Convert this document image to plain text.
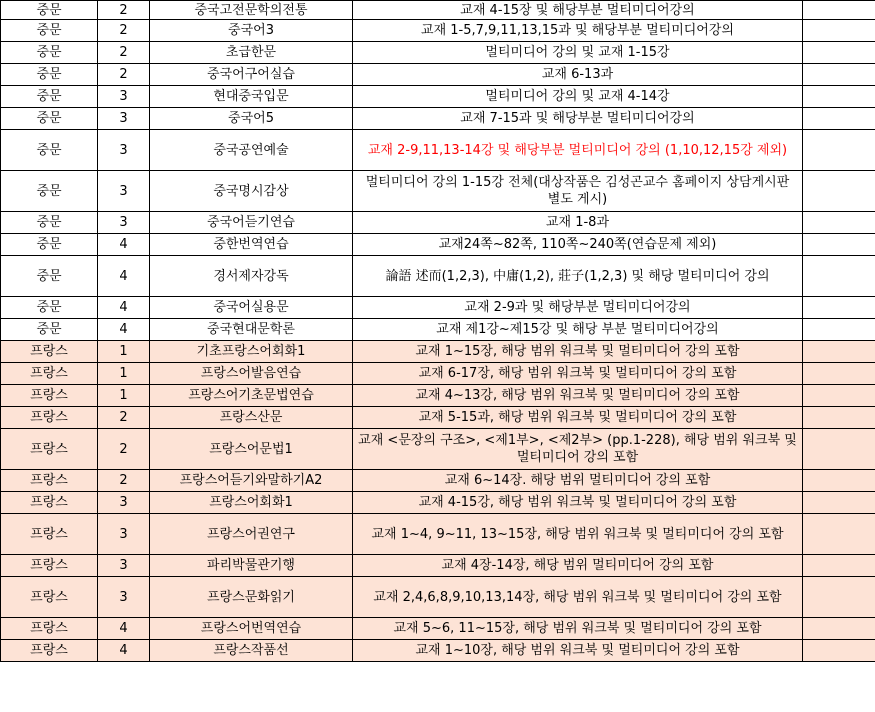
중문	2	중국고전문학의전통	교재 4-15장 및 해당부분 멀티미디어강의	
중문	2	중국어3	교재 1-5,7,9,11,13,15과 및 해당부분 멀티미디어강의	
중문	2	초급한문	멀티미디어 강의 및 교재 1-15강	
중문	2	중국어구어실습	교재 6-13과	
중문	3	현대중국입문	멀티미디어 강의 및 교재 4-14강	
중문	3	중국어5	교재 7-15과 및 해당부분 멀티미디어강의	
중문	3	중국공연예술	교재 2-9,11,13-14강 및 해당부분 멀티미디어 강의 (1,10,12,15강 제외)	
중문	3	중국명시감상	멀티미디어 강의 1-15강 전체(대상작품은 김성곤교수 홈페이지 상담게시판 별도 게시)	
중문	3	중국어듣기연습	교재 1-8과	
중문	4	중한번역연습	교재24쪽~82쪽, 110쪽~240쪽(연습문제 제외)	
중문	4	경서제자강독	論語 述而(1,2,3), 中庸(1,2), 莊子(1,2,3) 및 해당 멀티미디어 강의	
중문	4	중국어실용문	교재 2-9과 및 해당부분 멀티미디어강의	
중문	4	중국현대문학론	교재 제1강~제15강 및 해당 부분 멀티미디어강의	
프랑스	1	기초프랑스어회화1	교재 1~15장, 해당 범위 워크북 및 멀티미디어 강의 포함	
프랑스	1	프랑스어발음연습	교재 6-17장, 해당 범위 워크북 및 멀티미디어 강의 포함	
프랑스	1	프랑스어기초문법연습	교재 4~13강, 해당 범위 워크북 및 멀티미디어 강의 포함	
프랑스	2	프랑스산문	교재 5-15과, 해당 범위 워크북 및 멀티미디어 강의 포함	
프랑스	2	프랑스어문법1	교재 <문장의 구조>, <제1부>, <제2부> (pp.1-228), 해당 범위 워크북 및 멀티미디어 강의 포함	
프랑스	2	프랑스어듣기와말하기A2	교재 6~14장. 해당 범위 멀티미디어 강의 포함	
프랑스	3	프랑스어회화1	교재 4-15강, 해당 범위 워크북 및 멀티미디어 강의 포함	
프랑스	3	프랑스어권연구	교재 1~4, 9~11, 13~15장, 해당 범위 워크북 및 멀티미디어 강의 포함	
프랑스	3	파리박물관기행	교재 4장-14장, 해당 범위 멀티미디어 강의 포함	
프랑스	3	프랑스문화읽기	교재 2,4,6,8,9,10,13,14장, 해당 범위 워크북 및 멀티미디어 강의 포함	
프랑스	4	프랑스어번역연습	교재 5~6, 11~15장, 해당 범위 워크북 및 멀티미디어 강의 포함	
프랑스	4	프랑스작품선	교재 1~10장, 해당 범위 워크북 및 멀티미디어 강의 포함	
